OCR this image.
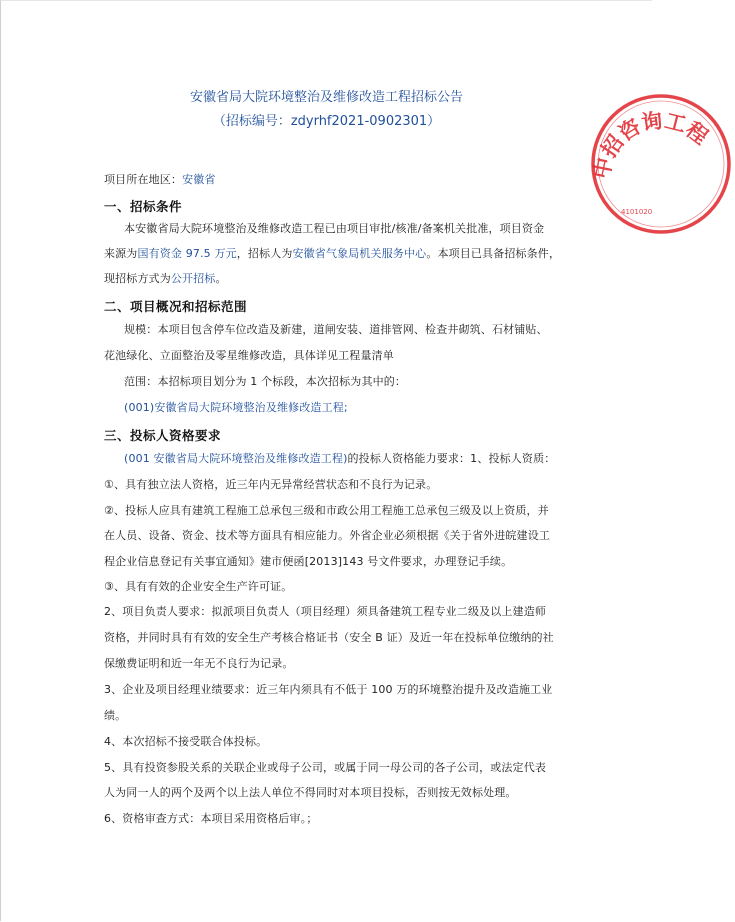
安徽省局大院环境整治及维修改造工程招标公告
（招标编号：zdyrhf2021-0902301）
项目所在地区：安徽省
一、招标条件
本安徽省局大院环境整治及维修改造工程已由项目审批/核准/备案机关批准，项目资金
来源为国有资金 97.5 万元，招标人为安徽省气象局机关服务中心。本项目已具备招标条件，
现招标方式为公开招标。
二、项目概况和招标范围
规模：本项目包含停车位改造及新建，道闸安装、道排管网、检查井砌筑、石材铺贴、
花池绿化、立面整治及零星维修改造，具体详见工程量清单
范围：本招标项目划分为 1 个标段，本次招标为其中的：
(001)安徽省局大院环境整治及维修改造工程;
三、投标人资格要求
(001 安徽省局大院环境整治及维修改造工程)的投标人资格能力要求：1、投标人资质：
①、具有独立法人资格，近三年内无异常经营状态和不良行为记录。
②、投标人应具有建筑工程施工总承包三级和市政公用工程施工总承包三级及以上资质，并
在人员、设备、资金、技术等方面具有相应能力。外省企业必须根据《关于省外进皖建设工
程企业信息登记有关事宜通知》建市便函[2013]143 号文件要求，办理登记手续。
③、具有有效的企业安全生产许可证。
2、项目负责人要求：拟派项目负责人（项目经理）须具备建筑工程专业二级及以上建造师
资格，并同时具有有效的安全生产考核合格证书（安全 B 证）及近一年在投标单位缴纳的社
保缴费证明和近一年无不良行为记录。
3、企业及项目经理业绩要求：近三年内须具有不低于 100 万的环境整治提升及改造施工业
绩。
4、本次招标不接受联合体投标。
5、具有投资参股关系的关联企业或母子公司，或属于同一母公司的各子公司，或法定代表
人为同一人的两个及两个以上法人单位不得同时对本项目投标，否则按无效标处理。
6、资格审查方式：本项目采用资格后审。；
中招咨询工程
4101020
